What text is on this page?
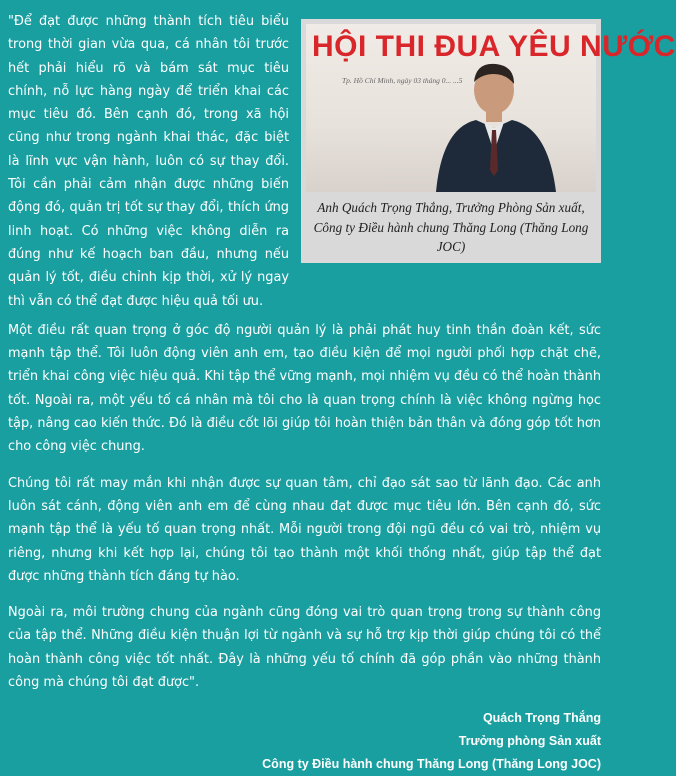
HỘI THI ĐUA YÊU NƯỚC
Tp. Hồ Chí Minh, ngày 03 tháng 0... ...5
Anh Quách Trọng Thắng, Trưởng Phòng Sản xuất, Công ty Điều hành chung Thăng Long (Thăng Long JOC)

"Để đạt được những thành tích tiêu biểu trong thời gian vừa qua, cá nhân tôi trước hết phải hiểu rõ và bám sát mục tiêu chính, nỗ lực hàng ngày để triển khai các mục tiêu đó. Bên cạnh đó, trong xã hội cũng như trong ngành khai thác, đặc biệt là lĩnh vực vận hành, luôn có sự thay đổi. Tôi cần phải cảm nhận được những biến động đó, quản trị tốt sự thay đổi, thích ứng linh hoạt. Có những việc không diễn ra đúng như kế hoạch ban đầu, nhưng nếu quản lý tốt, điều chỉnh kịp thời, xử lý ngay thì vẫn có thể đạt được hiệu quả tối ưu.

Một điều rất quan trọng ở góc độ người quản lý là phải phát huy tinh thần đoàn kết, sức mạnh tập thể. Tôi luôn động viên anh em, tạo điều kiện để mọi người phối hợp chặt chẽ, triển khai công việc hiệu quả. Khi tập thể vững mạnh, mọi nhiệm vụ đều có thể hoàn thành tốt. Ngoài ra, một yếu tố cá nhân mà tôi cho là quan trọng chính là việc không ngừng học tập, nâng cao kiến thức. Đó là điều cốt lõi giúp tôi hoàn thiện bản thân và đóng góp tốt hơn cho công việc chung.

Chúng tôi rất may mắn khi nhận được sự quan tâm, chỉ đạo sát sao từ lãnh đạo. Các anh luôn sát cánh, động viên anh em để cùng nhau đạt được mục tiêu lớn. Bên cạnh đó, sức mạnh tập thể là yếu tố quan trọng nhất. Mỗi người trong đội ngũ đều có vai trò, nhiệm vụ riêng, nhưng khi kết hợp lại, chúng tôi tạo thành một khối thống nhất, giúp tập thể đạt được những thành tích đáng tự hào.

Ngoài ra, môi trường chung của ngành cũng đóng vai trò quan trọng trong sự thành công của tập thể. Những điều kiện thuận lợi từ ngành và sự hỗ trợ kịp thời giúp chúng tôi có thể hoàn thành công việc tốt nhất. Đây là những yếu tố chính đã góp phần vào những thành công mà chúng tôi đạt được".

Quách Trọng Thắng
Trưởng phòng Sản xuất
Công ty Điều hành chung Thăng Long (Thăng Long JOC)
